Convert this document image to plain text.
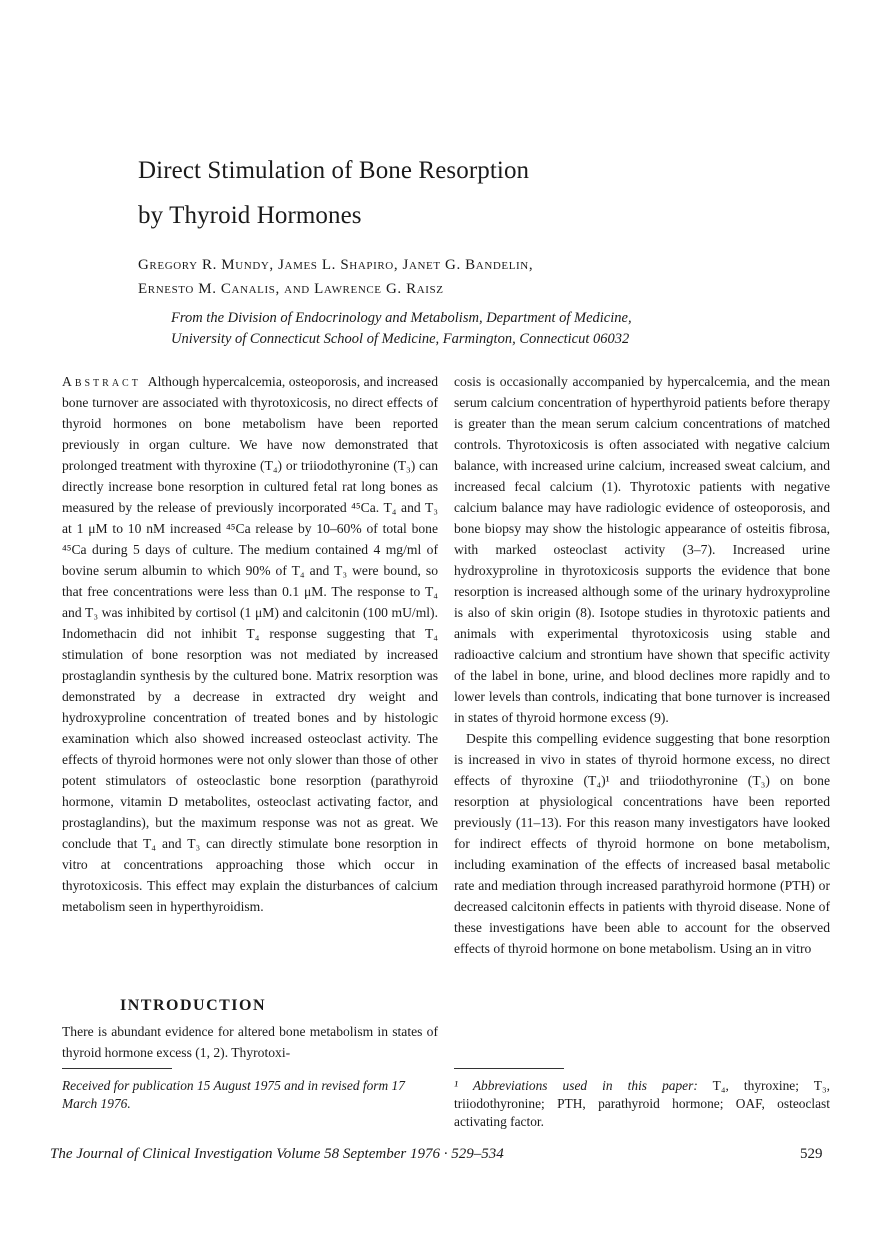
Direct Stimulation of Bone Resorption
by Thyroid Hormones

Gregory R. Mundy, James L. Shapiro, Janet G. Bandelin,

Ernesto M. Canalis, and Lawrence G. Raisz

From the Division of Endocrinology and Metabolism, Department of Medicine,

University of Connecticut School of Medicine, Farmington, Connecticut 06032

Abstract Although hypercalcemia, osteoporosis, and increased bone turnover are associated with thyrotoxicosis, no direct effects of thyroid hormones on bone metabolism have been reported previously in organ culture. We have now demonstrated that prolonged treatment with thyroxine (T₄) or triiodothyronine (T₃) can directly increase bone resorption in cultured fetal rat long bones as measured by the release of previously incorporated ⁴⁵Ca. T₄ and T₃ at 1 μM to 10 nM increased ⁴⁵Ca release by 10–60% of total bone ⁴⁵Ca during 5 days of culture. The medium contained 4 mg/ml of bovine serum albumin to which 90% of T₄ and T₃ were bound, so that free concentrations were less than 0.1 μM. The response to T₄ and T₃ was inhibited by cortisol (1 μM) and calcitonin (100 mU/ml). Indomethacin did not inhibit T₄ response suggesting that T₄ stimulation of bone resorption was not mediated by increased prostaglandin synthesis by the cultured bone. Matrix resorption was demonstrated by a decrease in extracted dry weight and hydroxyproline concentration of treated bones and by histologic examination which also showed increased osteoclast activity. The effects of thyroid hormones were not only slower than those of other potent stimulators of osteoclastic bone resorption (parathyroid hormone, vitamin D metabolites, osteoclast activating factor, and prostaglandins), but the maximum response was not as great. We conclude that T₄ and T₃ can directly stimulate bone resorption in vitro at concentrations approaching those which occur in thyrotoxicosis. This effect may explain the disturbances of calcium metabolism seen in hyperthyroidism.

INTRODUCTION

There is abundant evidence for altered bone metabolism in states of thyroid hormone excess (1, 2). Thyrotoxi-

cosis is occasionally accompanied by hypercalcemia, and the mean serum calcium concentration of hyperthyroid patients before therapy is greater than the mean serum calcium concentrations of matched controls. Thyrotoxicosis is often associated with negative calcium balance, with increased urine calcium, increased sweat calcium, and increased fecal calcium (1). Thyrotoxic patients with negative calcium balance may have radiologic evidence of osteoporosis, and bone biopsy may show the histologic appearance of osteitis fibrosa, with marked osteoclast activity (3–7). Increased urine hydroxyproline in thyrotoxicosis supports the evidence that bone resorption is increased although some of the urinary hydroxyproline is also of skin origin (8). Isotope studies in thyrotoxic patients and animals with experimental thyrotoxicosis using stable and radioactive calcium and strontium have shown that specific activity of the label in bone, urine, and blood declines more rapidly and to lower levels than controls, indicating that bone turnover is increased in states of thyroid hormone excess (9).

Despite this compelling evidence suggesting that bone resorption is increased in vivo in states of thyroid hormone excess, no direct effects of thyroxine (T₄)¹ and triiodothyronine (T₃) on bone resorption at physiological concentrations have been reported previously (11–13). For this reason many investigators have looked for indirect effects of thyroid hormone on bone metabolism, including examination of the effects of increased basal metabolic rate and mediation through increased parathyroid hormone (PTH) or decreased calcitonin effects in patients with thyroid disease. None of these investigations have been able to account for the observed effects of thyroid hormone on bone metabolism. Using an in vitro

Received for publication 15 August 1975 and in revised form 17 March 1976.

¹ Abbreviations used in this paper: T₄, thyroxine; T₃, triiodothyronine; PTH, parathyroid hormone; OAF, osteoclast activating factor.

The Journal of Clinical Investigation Volume 58 September 1976 · 529–534	529
